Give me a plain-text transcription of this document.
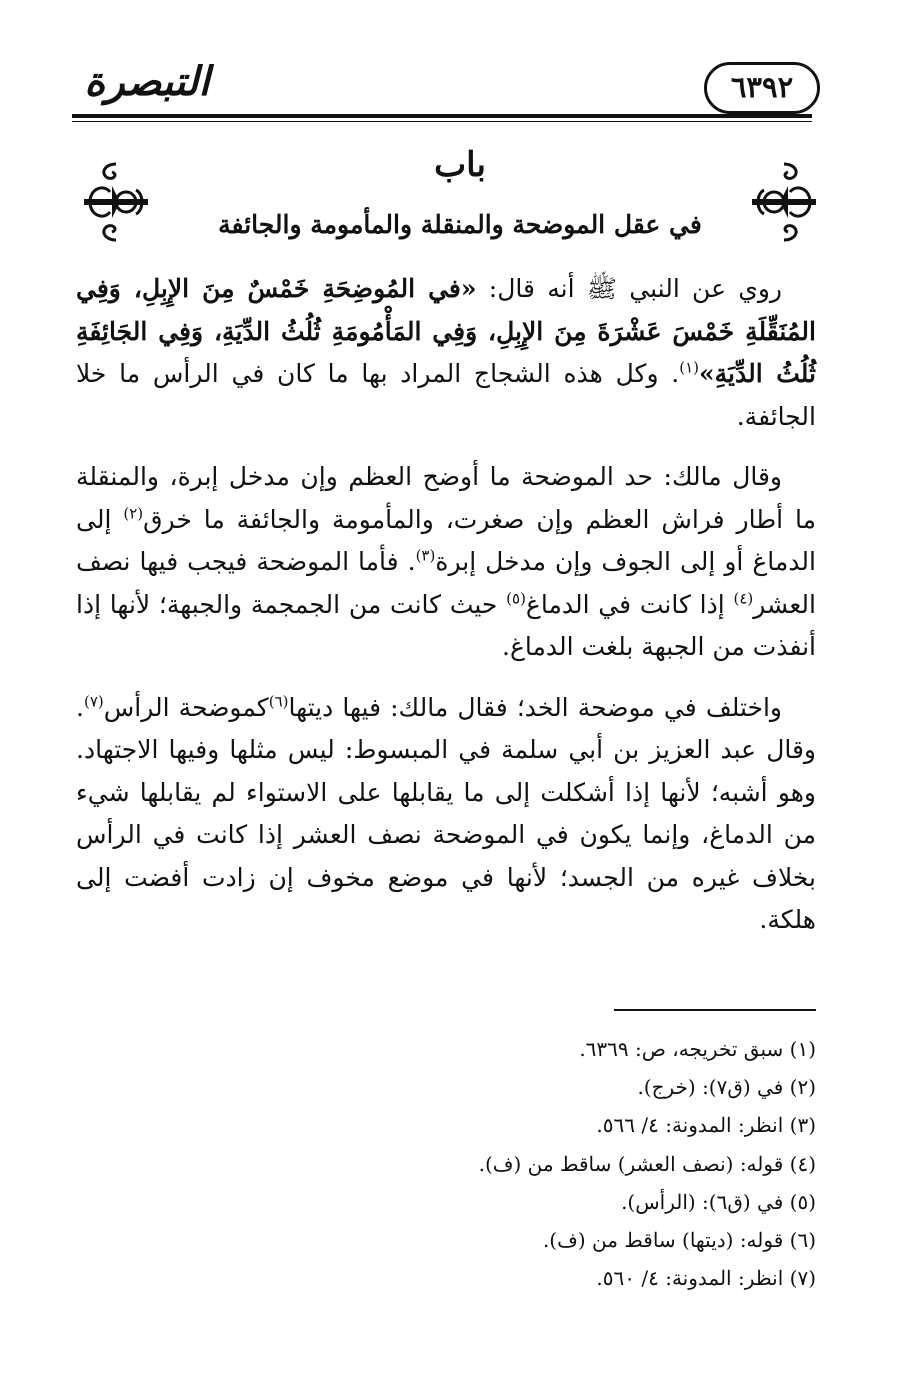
التبصرة	٦٣٩٢
باب
في عقل الموضحة والمنقلة والمأمومة والجائفة

روي عن النبي ﷺ أنه قال: «في المُوضِحَةِ خَمْسٌ مِنَ الإِبِلِ، وَفِي المُنَقِّلَةِ خَمْسَ عَشْرَةَ مِنَ الإِبِلِ، وَفِي المَأْمُومَةِ ثُلُثُ الدِّيَةِ، وَفِي الجَائِفَةِ ثُلُثُ الدِّيَةِ»$^{(١)}$. وكل هذه الشجاج المراد بها ما كان في الرأس ما خلا الجائفة.

وقال مالك: حد الموضحة ما أوضح العظم وإن مدخل إبرة، والمنقلة ما أطار فراش العظم وإن صغرت، والمأمومة والجائفة ما خرق$^{(٢)}$ إلى الدماغ أو إلى الجوف وإن مدخل إبرة$^{(٣)}$. فأما الموضحة فيجب فيها نصف العشر$^{(٤)}$ إذا كانت في الدماغ$^{(٥)}$ حيث كانت من الجمجمة والجبهة؛ لأنها إذا أنفذت من الجبهة بلغت الدماغ.

واختلف في موضحة الخد؛ فقال مالك: فيها ديتها$^{(٦)}$كموضحة الرأس$^{(٧)}$. وقال عبد العزيز بن أبي سلمة في المبسوط: ليس مثلها وفيها الاجتهاد. وهو أشبه؛ لأنها إذا أشكلت إلى ما يقابلها على الاستواء لم يقابلها شيء من الدماغ، وإنما يكون في الموضحة نصف العشر إذا كانت في الرأس بخلاف غيره من الجسد؛ لأنها في موضع مخوف إن زادت أفضت إلى هلكة.

(١) سبق تخريجه، ص: ٦٣٦٩.
(٢) في (ق٧): (خرج).
(٣) انظر: المدونة: ٤/ ٥٦٦.
(٤) قوله: (نصف العشر) ساقط من (ف).
(٥) في (ق٦): (الرأس).
(٦) قوله: (ديتها) ساقط من (ف).
(٧) انظر: المدونة: ٤/ ٥٦٠.
